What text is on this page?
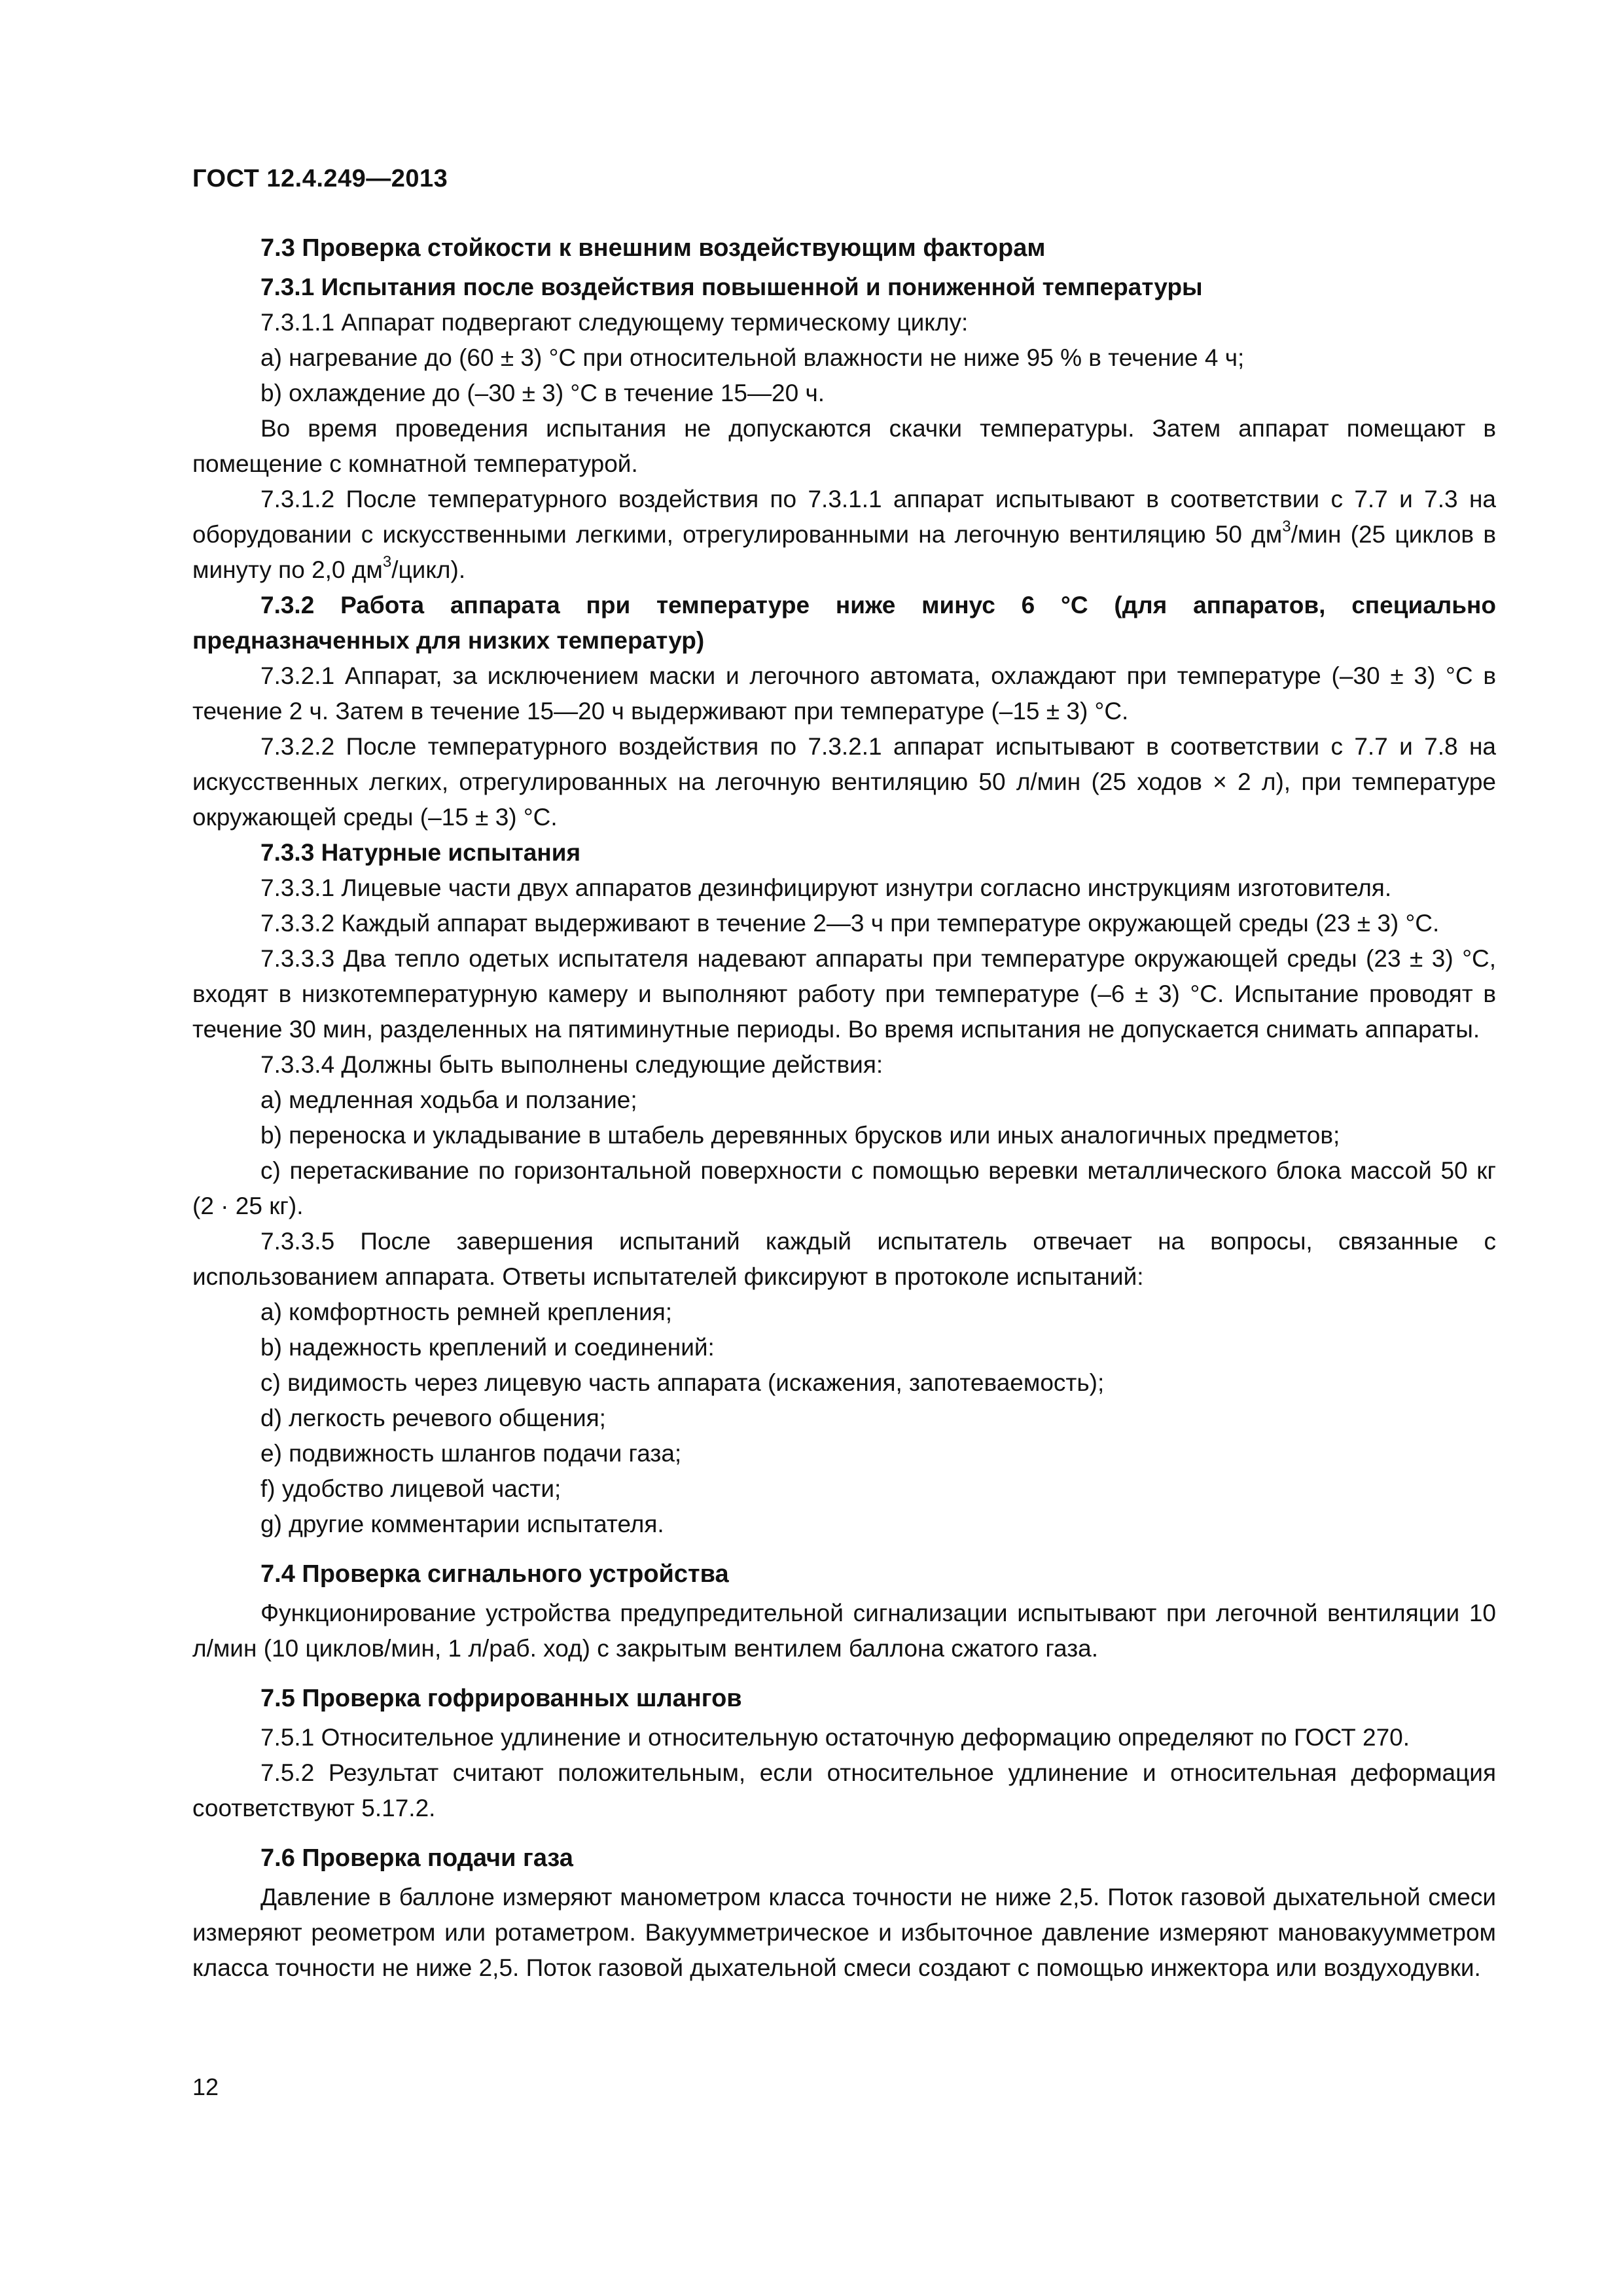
ГОСТ 12.4.249—2013
7.3 Проверка стойкости к внешним воздействующим факторам
7.3.1 Испытания после воздействия повышенной и пониженной температуры

7.3.1.1 Аппарат подвергают следующему термическому циклу:

a) нагревание до (60 ± 3) °C при относительной влажности не ниже 95 % в течение 4 ч;

b) охлаждение до (–30 ± 3) °C в течение 15—20 ч.

Во время проведения испытания не допускаются скачки температуры. Затем аппарат помещают в помещение с комнатной температурой.

7.3.1.2 После температурного воздействия по 7.3.1.1 аппарат испытывают в соответствии с 7.7 и 7.3 на оборудовании с искусственными легкими, отрегулированными на легочную вентиляцию 50 $дм^3$/мин (25 циклов в минуту по 2,0 $дм^3/цикл$).

7.3.2 Работа аппарата при температуре ниже минус 6 °C (для аппаратов, специально предназначенных для низких температур)

7.3.2.1 Аппарат, за исключением маски и легочного автомата, охлаждают при температуре (–30 ± 3) °C в течение 2 ч. Затем в течение 15—20 ч выдерживают при температуре (–15 ± 3) °C.

7.3.2.2 После температурного воздействия по 7.3.2.1 аппарат испытывают в соответствии с 7.7 и 7.8 на искусственных легких, отрегулированных на легочную вентиляцию 50 л/мин (25 ходов × 2 л), при температуре окружающей среды (–15 ± 3) °C.

7.3.3 Натурные испытания

7.3.3.1 Лицевые части двух аппаратов дезинфицируют изнутри согласно инструкциям изготовителя.

7.3.3.2 Каждый аппарат выдерживают в течение 2—3 ч при температуре окружающей среды (23 ± 3) °C.

7.3.3.3 Два тепло одетых испытателя надевают аппараты при температуре окружающей среды (23 ± 3) °C, входят в низкотемпературную камеру и выполняют работу при температуре (–6 ± 3) °C. Испытание проводят в течение 30 мин, разделенных на пятиминутные периоды. Во время испытания не допускается снимать аппараты.

7.3.3.4 Должны быть выполнены следующие действия:

a) медленная ходьба и ползание;

b) переноска и укладывание в штабель деревянных брусков или иных аналогичных предметов;

c) перетаскивание по горизонтальной поверхности с помощью веревки металлического блока массой 50 кг (2 · 25 кг).

7.3.3.5 После завершения испытаний каждый испытатель отвечает на вопросы, связанные с использованием аппарата. Ответы испытателей фиксируют в протоколе испытаний:

a) комфортность ремней крепления;

b) надежность креплений и соединений:

c) видимость через лицевую часть аппарата (искажения, запотеваемость);

d) легкость речевого общения;

e) подвижность шлангов подачи газа;

f) удобство лицевой части;

g) другие комментарии испытателя.

7.4 Проверка сигнального устройства

Функционирование устройства предупредительной сигнализации испытывают при легочной вентиляции 10 л/мин (10 циклов/мин, 1 л/раб. ход) с закрытым вентилем баллона сжатого газа.

7.5 Проверка гофрированных шлангов

7.5.1 Относительное удлинение и относительную остаточную деформацию определяют по ГОСТ 270.

7.5.2 Результат считают положительным, если относительное удлинение и относительная деформация соответствуют 5.17.2.

7.6 Проверка подачи газа

Давление в баллоне измеряют манометром класса точности не ниже 2,5. Поток газовой дыхательной смеси измеряют реометром или ротаметром. Вакуумметрическое и избыточное давление измеряют мановакуумметром класса точности не ниже 2,5. Поток газовой дыхательной смеси создают с помощью инжектора или воздуходувки.

12
